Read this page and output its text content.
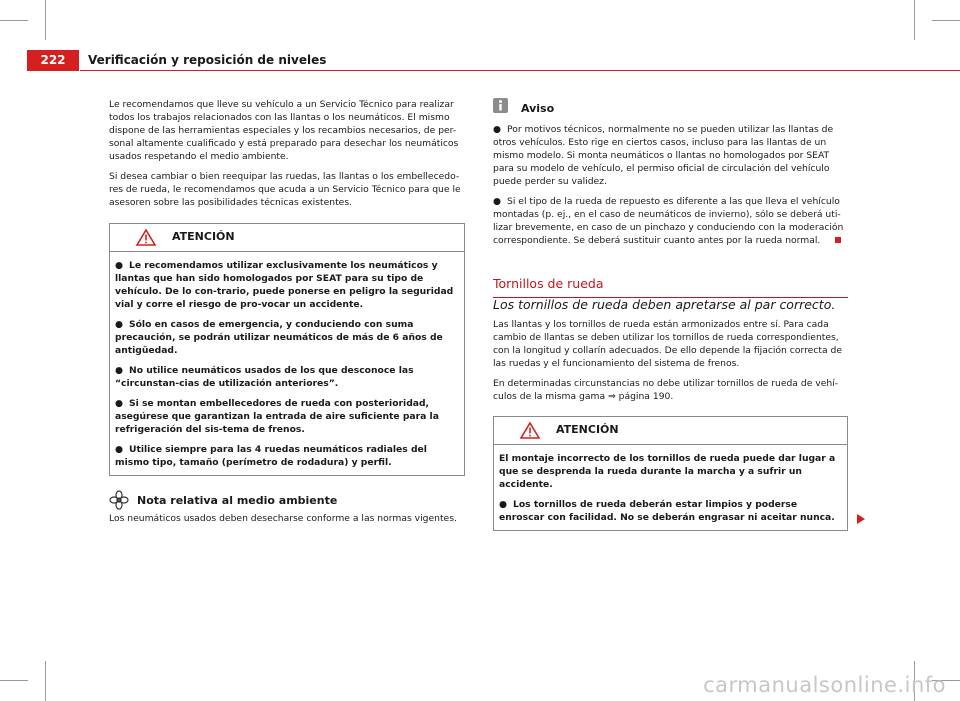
222	Verificación y reposición de niveles

Le recomendamos que lleve su vehículo a un Servicio Técnico para realizar todos los trabajos relacionados con las llantas o los neumáticos. El mismo dispone de las herramientas especiales y los recambios necesarios, de per-sonal altamente cualificado y está preparado para desechar los neumáticos usados respetando el medio ambiente.

Si desea cambiar o bien reequipar las ruedas, las llantas o los embellecedo-res de rueda, le recomendamos que acuda a un Servicio Técnico para que le asesoren sobre las posibilidades técnicas existentes.

ATENCIÓN

● Le recomendamos utilizar exclusivamente los neumáticos y llantas que han sido homologados por SEAT para su tipo de vehículo. De lo con-trario, puede ponerse en peligro la seguridad vial y corre el riesgo de pro-vocar un accidente.

● Sólo en casos de emergencia, y conduciendo con suma precaución, se podrán utilizar neumáticos de más de 6 años de antigüedad.

● No utilice neumáticos usados de los que desconoce las “circunstan-cias de utilización anteriores”.

● Si se montan embellecedores de rueda con posterioridad, asegúrese que garantizan la entrada de aire suficiente para la refrigeración del sis-tema de frenos.

● Utilice siempre para las 4 ruedas neumáticos radiales del mismo tipo, tamaño (perímetro de rodadura) y perfil.

Nota relativa al medio ambiente

Los neumáticos usados deben desecharse conforme a las normas vigentes.

Aviso

● Por motivos técnicos, normalmente no se pueden utilizar las llantas de otros vehículos. Esto rige en ciertos casos, incluso para las llantas de un mismo modelo. Si monta neumáticos o llantas no homologados por SEAT para su modelo de vehículo, el permiso oficial de circulación del vehículo puede perder su validez.

● Si el tipo de la rueda de repuesto es diferente a las que lleva el vehículo montadas (p. ej., en el caso de neumáticos de invierno), sólo se deberá uti-lizar brevemente, en caso de un pinchazo y conduciendo con la moderación correspondiente. Se deberá sustituir cuanto antes por la rueda normal.

Tornillos de rueda

Los tornillos de rueda deben apretarse al par correcto.

Las llantas y los tornillos de rueda están armonizados entre sí. Para cada cambio de llantas se deben utilizar los tornillos de rueda correspondientes, con la longitud y collarín adecuados. De ello depende la fijación correcta de las ruedas y el funcionamiento del sistema de frenos.

En determinadas circunstancias no debe utilizar tornillos de rueda de vehí-culos de la misma gama ⇒ página 190.

ATENCIÓN

El montaje incorrecto de los tornillos de rueda puede dar lugar a que se desprenda la rueda durante la marcha y a sufrir un accidente.

● Los tornillos de rueda deberán estar limpios y poderse enroscar con facilidad. No se deberán engrasar ni aceitar nunca.

carmanualsonline.info
